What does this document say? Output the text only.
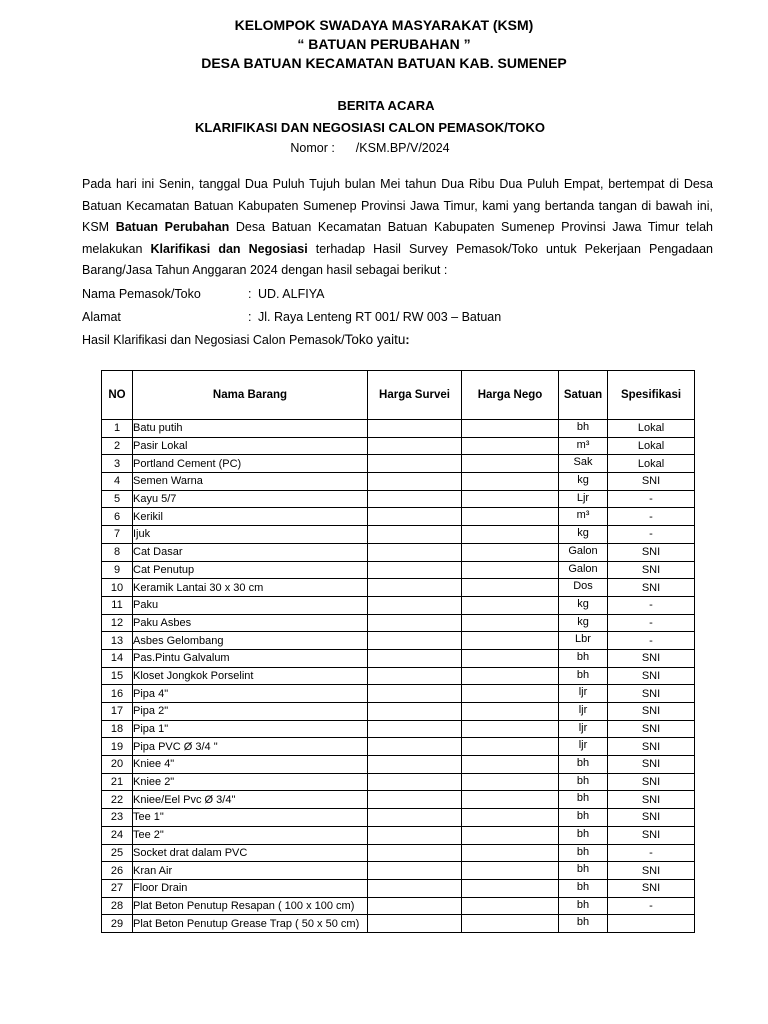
KELOMPOK SWADAYA MASYARAKAT (KSM)
“ BATUAN PERUBAHAN ”
DESA BATUAN KECAMATAN BATUAN KAB. SUMENEP
BERITA ACARA
KLARIFIKASI DAN NEGOSIASI CALON PEMASOK/TOKO
Nomor : /KSM.BP/V/2024
Pada hari ini Senin, tanggal Dua Puluh Tujuh bulan Mei tahun Dua Ribu Dua Puluh Empat, bertempat di Desa Batuan Kecamatan Batuan Kabupaten Sumenep Provinsi Jawa Timur, kami yang bertanda tangan di bawah ini, KSM Batuan Perubahan Desa Batuan Kecamatan Batuan Kabupaten Sumenep Provinsi Jawa Timur telah melakukan Klarifikasi dan Negosiasi terhadap Hasil Survey Pemasok/Toko untuk Pekerjaan Pengadaan Barang/Jasa Tahun Anggaran 2024 dengan hasil sebagai berikut :
Nama Pemasok/Toko	: UD. ALFIYA
Alamat	: Jl. Raya Lenteng RT 001/ RW 003 – Batuan
Hasil Klarifikasi dan Negosiasi Calon Pemasok/Toko yaitu:
NO	Nama Barang	Harga Survei	Harga Nego	Satuan	Spesifikasi
1	Batu putih			bh	Lokal
2	Pasir Lokal			m³	Lokal
3	Portland Cement (PC)			Sak	Lokal
4	Semen Warna			kg	SNI
5	Kayu 5/7			Ljr	-
6	Kerikil			m³	-
7	Ijuk			kg	-
8	Cat Dasar			Galon	SNI
9	Cat Penutup			Galon	SNI
10	Keramik Lantai 30 x 30 cm			Dos	SNI
11	Paku			kg	-
12	Paku Asbes			kg	-
13	Asbes Gelombang			Lbr	-
14	Pas.Pintu Galvalum			bh	SNI
15	Kloset Jongkok Porselint			bh	SNI
16	Pipa 4"			ljr	SNI
17	Pipa 2"			ljr	SNI
18	Pipa 1"			ljr	SNI
19	Pipa PVC Ø 3/4 "			ljr	SNI
20	Kniee 4"			bh	SNI
21	Kniee 2"			bh	SNI
22	Kniee/Eel Pvc Ø 3/4"			bh	SNI
23	Tee 1"			bh	SNI
24	Tee 2"			bh	SNI
25	Socket drat dalam PVC			bh	-
26	Kran Air			bh	SNI
27	Floor Drain			bh	SNI
28	Plat Beton Penutup Resapan ( 100 x 100 cm)			bh	-
29	Plat Beton Penutup Grease Trap ( 50 x 50 cm)			bh	
